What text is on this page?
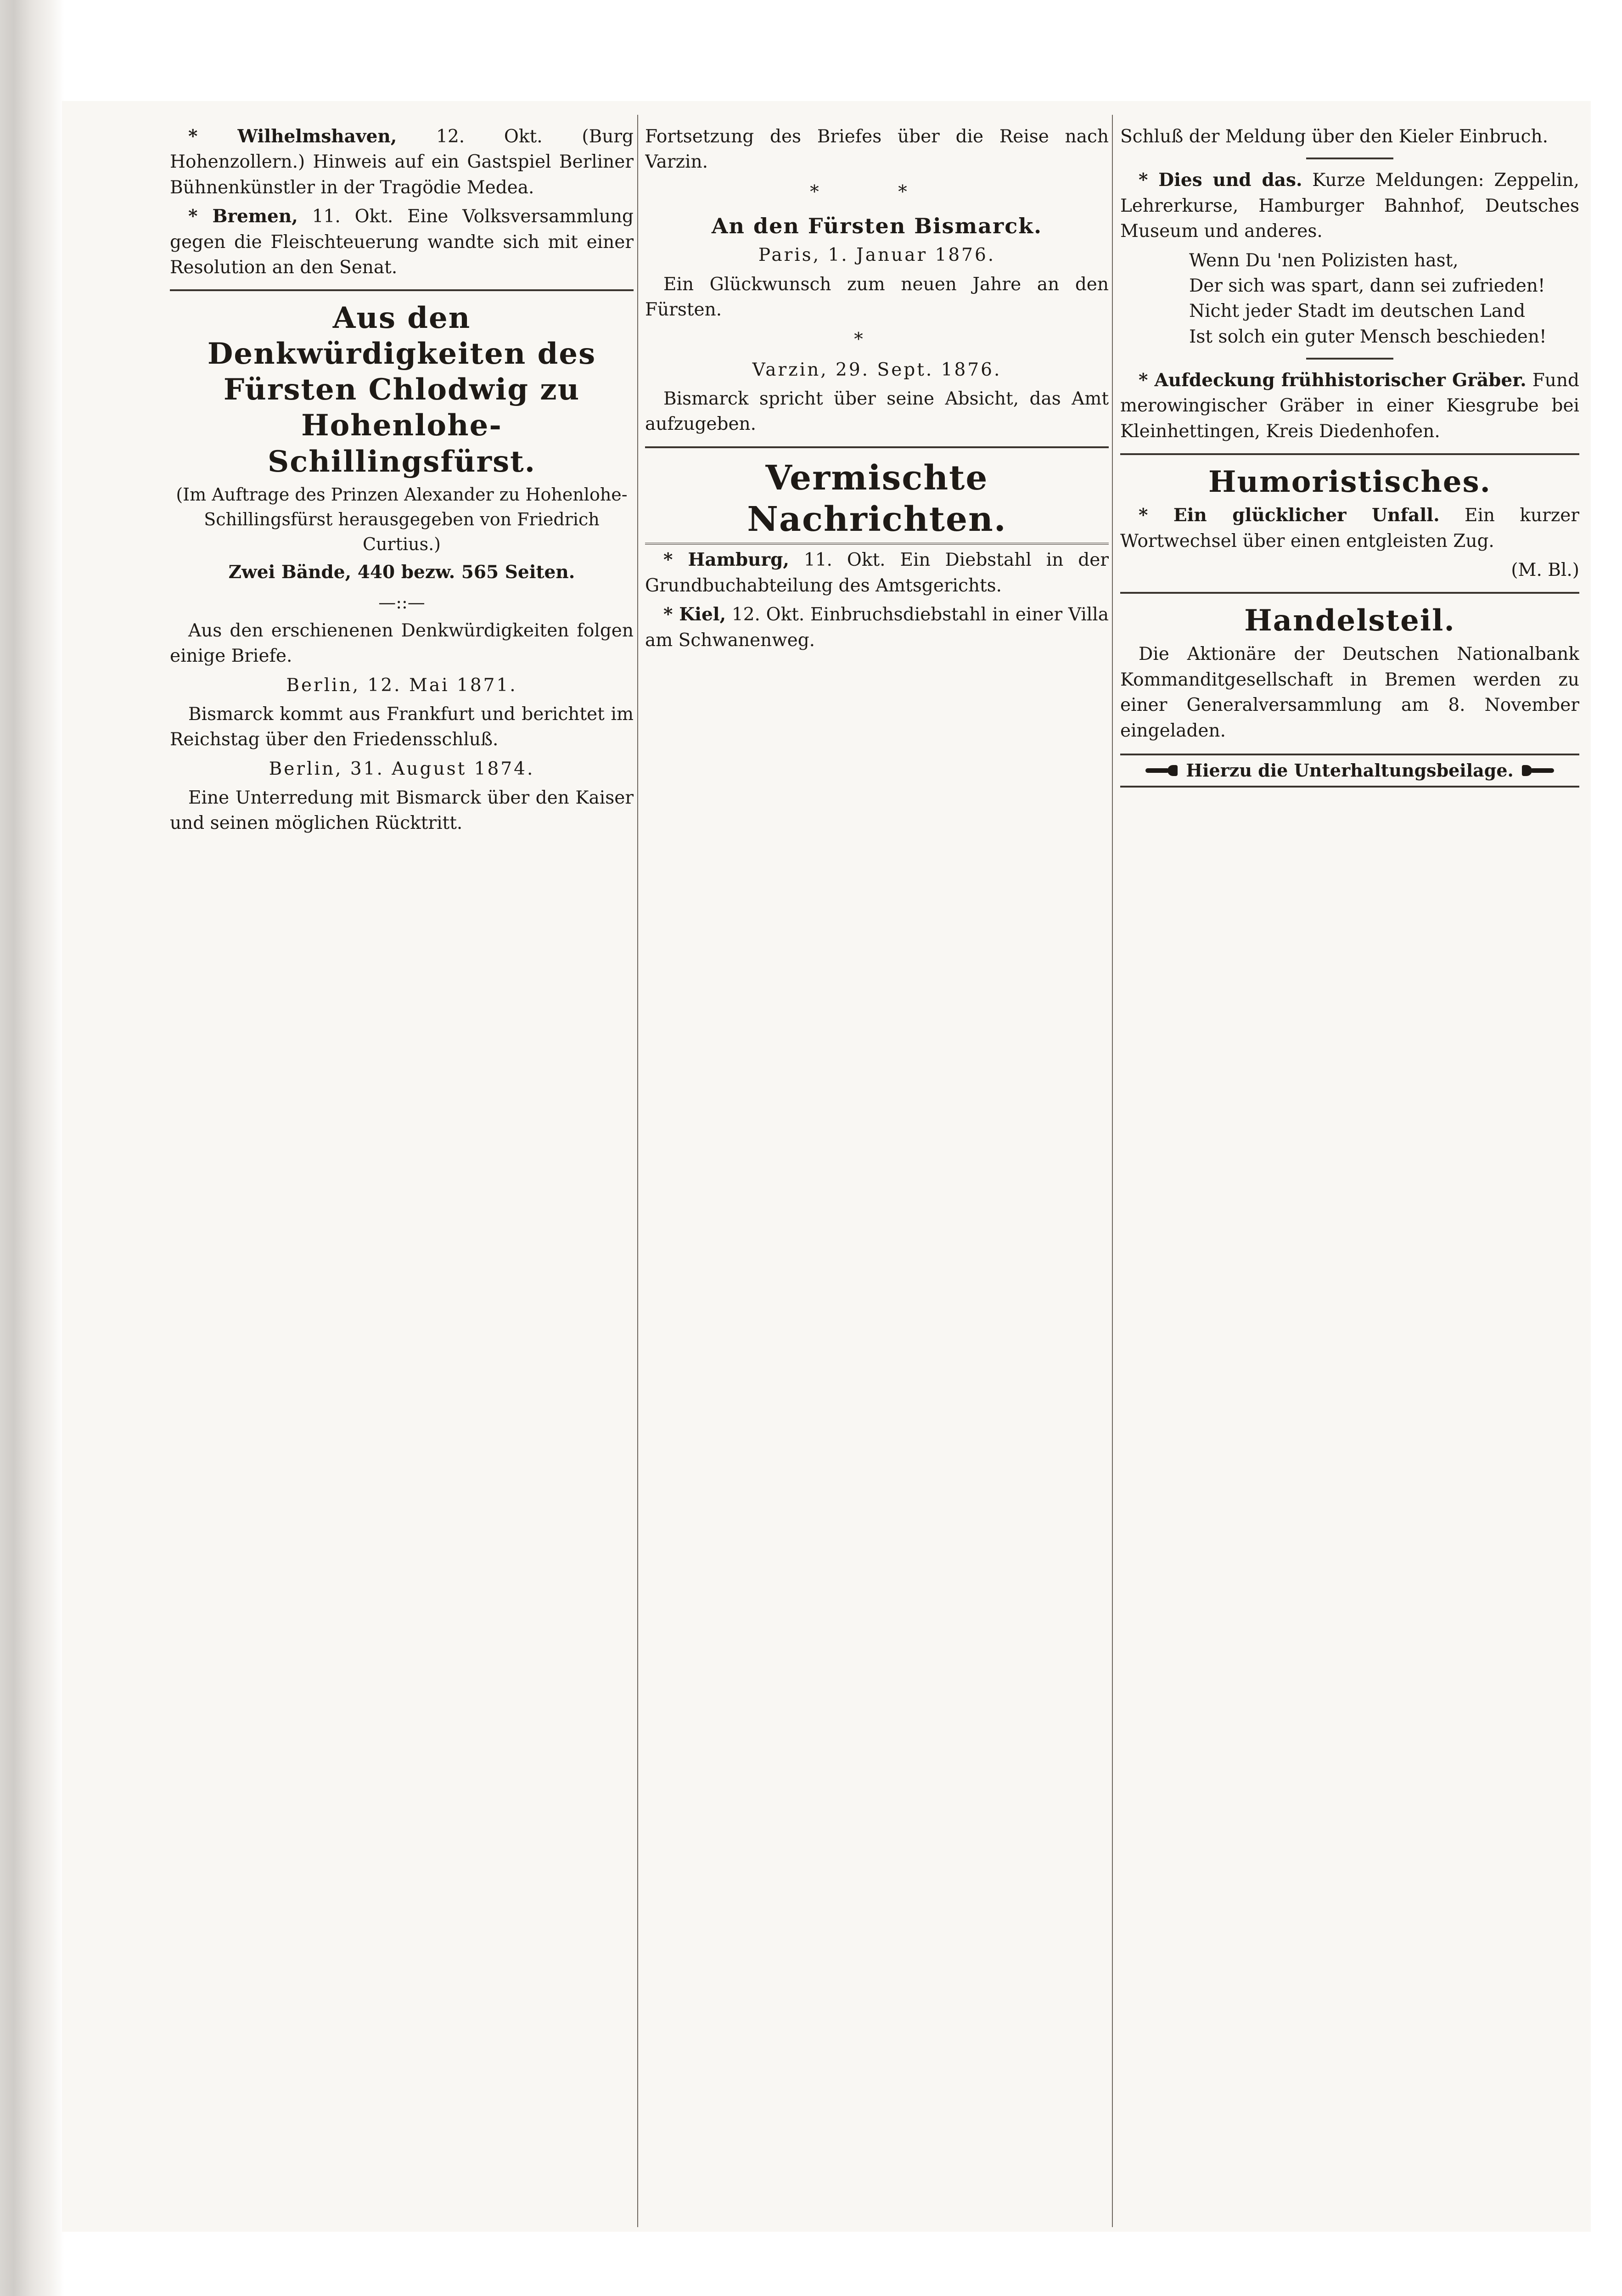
* Wilhelmshaven, 12. Okt. (Burg Hohenzollern.) Hinweis auf ein Gastspiel Berliner Bühnenkünstler in der Tragödie Medea.

* Bremen, 11. Okt. Eine Volksversammlung gegen die Fleischteuerung wandte sich mit einer Resolution an den Senat.

Aus den Denkwürdigkeiten des Fürsten Chlodwig zu Hohenlohe-Schillingsfürst.
(Im Auftrage des Prinzen Alexander zu Hohenlohe-Schillingsfürst herausgegeben von Friedrich Curtius.)
Zwei Bände, 440 bezw. 565 Seiten.
—::—

Aus den erschienenen Denkwürdigkeiten folgen einige Briefe.

Berlin, 12. Mai 1871.

Bismarck kommt aus Frankfurt und berichtet im Reichstag über den Friedensschluß.

Berlin, 31. August 1874.

Eine Unterredung mit Bismarck über den Kaiser und seinen möglichen Rücktritt.

Fortsetzung des Briefes über die Reise nach Varzin.

* *
An den Fürsten Bismarck.
Paris, 1. Januar 1876.

Ein Glückwunsch zum neuen Jahre an den Fürsten.

*
Varzin, 29. Sept. 1876.

Bismarck spricht über seine Absicht, das Amt aufzugeben.

Vermischte Nachrichten.

* Hamburg, 11. Okt. Ein Diebstahl in der Grundbuchabteilung des Amtsgerichts.

* Kiel, 12. Okt. Einbruchsdiebstahl in einer Villa am Schwanenweg.

Schluß der Meldung über den Kieler Einbruch.

* Dies und das. Kurze Meldungen: Zeppelin, Lehrerkurse, Hamburger Bahnhof, Deutsches Museum und anderes.

Wenn Du 'nen Polizisten hast,
Der sich was spart, dann sei zufrieden!
Nicht jeder Stadt im deutschen Land
Ist solch ein guter Mensch beschieden!

* Aufdeckung frühhistorischer Gräber. Fund merowingischer Gräber in einer Kiesgrube bei Kleinhettingen, Kreis Diedenhofen.

Humoristisches.

* Ein glücklicher Unfall. Ein kurzer Wortwechsel über einen entgleisten Zug.

(M. Bl.)
Handelsteil.

Die Aktionäre der Deutschen Nationalbank Kommanditgesellschaft in Bremen werden zu einer Generalversammlung am 8. November eingeladen.

Hierzu die Unterhaltungsbeilage.
